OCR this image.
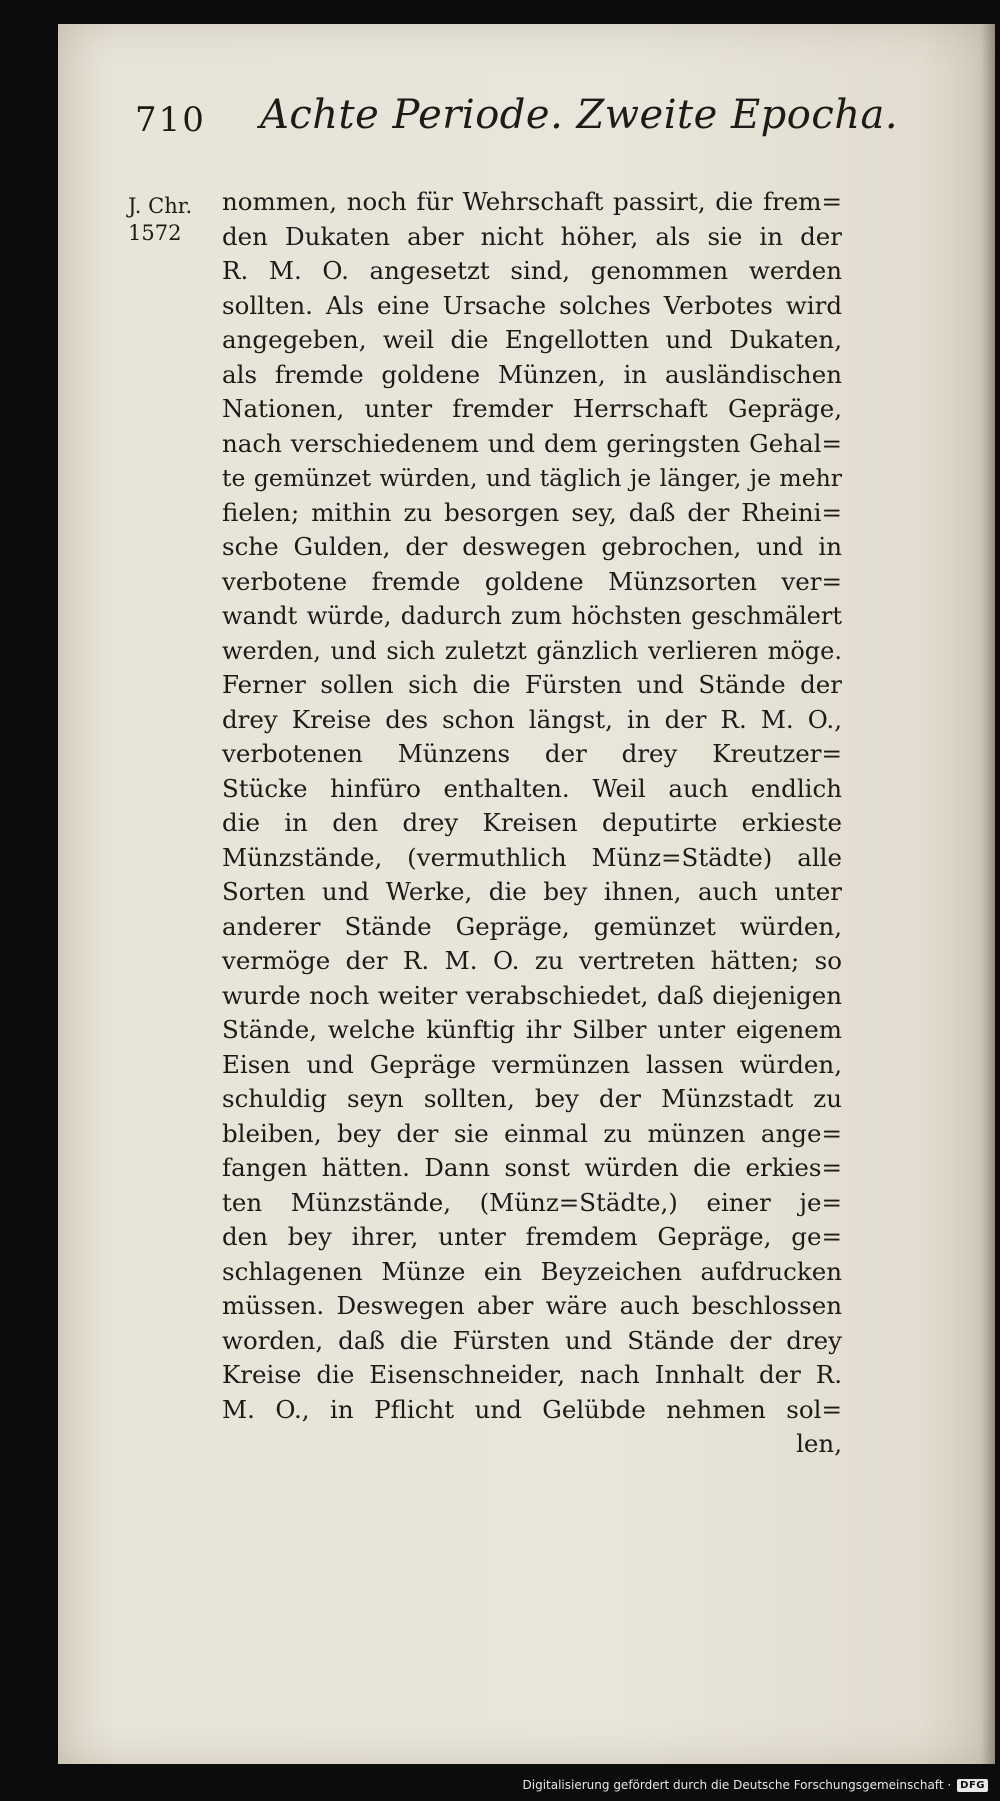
710 Achte Periode. Zweite Epocha.
J. Chr.
1572
nommen, noch für Wehrschaft passirt, die frem=
den Dukaten aber nicht höher, als sie in der
R. M. O. angesetzt sind, genommen werden
sollten. Als eine Ursache solches Verbotes wird
angegeben, weil die Engellotten und Dukaten,
als fremde goldene Münzen, in ausländischen
Nationen, unter fremder Herrschaft Gepräge,
nach verschiedenem und dem geringsten Gehal=
te gemünzet würden, und täglich je länger, je mehr
fielen; mithin zu besorgen sey, daß der Rheini=
sche Gulden, der deswegen gebrochen, und in
verbotene fremde goldene Münzsorten ver=
wandt würde, dadurch zum höchsten geschmälert
werden, und sich zuletzt gänzlich verlieren möge.
Ferner sollen sich die Fürsten und Stände der
drey Kreise des schon längst, in der R. M. O.,
verbotenen Münzens der drey Kreutzer=
Stücke hinfüro enthalten. Weil auch endlich
die in den drey Kreisen deputirte erkieste
Münzstände, (vermuthlich Münz=Städte) alle
Sorten und Werke, die bey ihnen, auch unter
anderer Stände Gepräge, gemünzet würden,
vermöge der R. M. O. zu vertreten hätten; so
wurde noch weiter verabschiedet, daß diejenigen
Stände, welche künftig ihr Silber unter eigenem
Eisen und Gepräge vermünzen lassen würden,
schuldig seyn sollten, bey der Münzstadt zu
bleiben, bey der sie einmal zu münzen ange=
fangen hätten. Dann sonst würden die erkies=
ten Münzstände, (Münz=Städte,) einer je=
den bey ihrer, unter fremdem Gepräge, ge=
schlagenen Münze ein Beyzeichen aufdrucken
müssen. Deswegen aber wäre auch beschlossen
worden, daß die Fürsten und Stände der drey
Kreise die Eisenschneider, nach Innhalt der R.
M. O., in Pflicht und Gelübde nehmen sol=
len,
Digitalisierung gefördert durch die Deutsche Forschungsgemeinschaft · DFG
